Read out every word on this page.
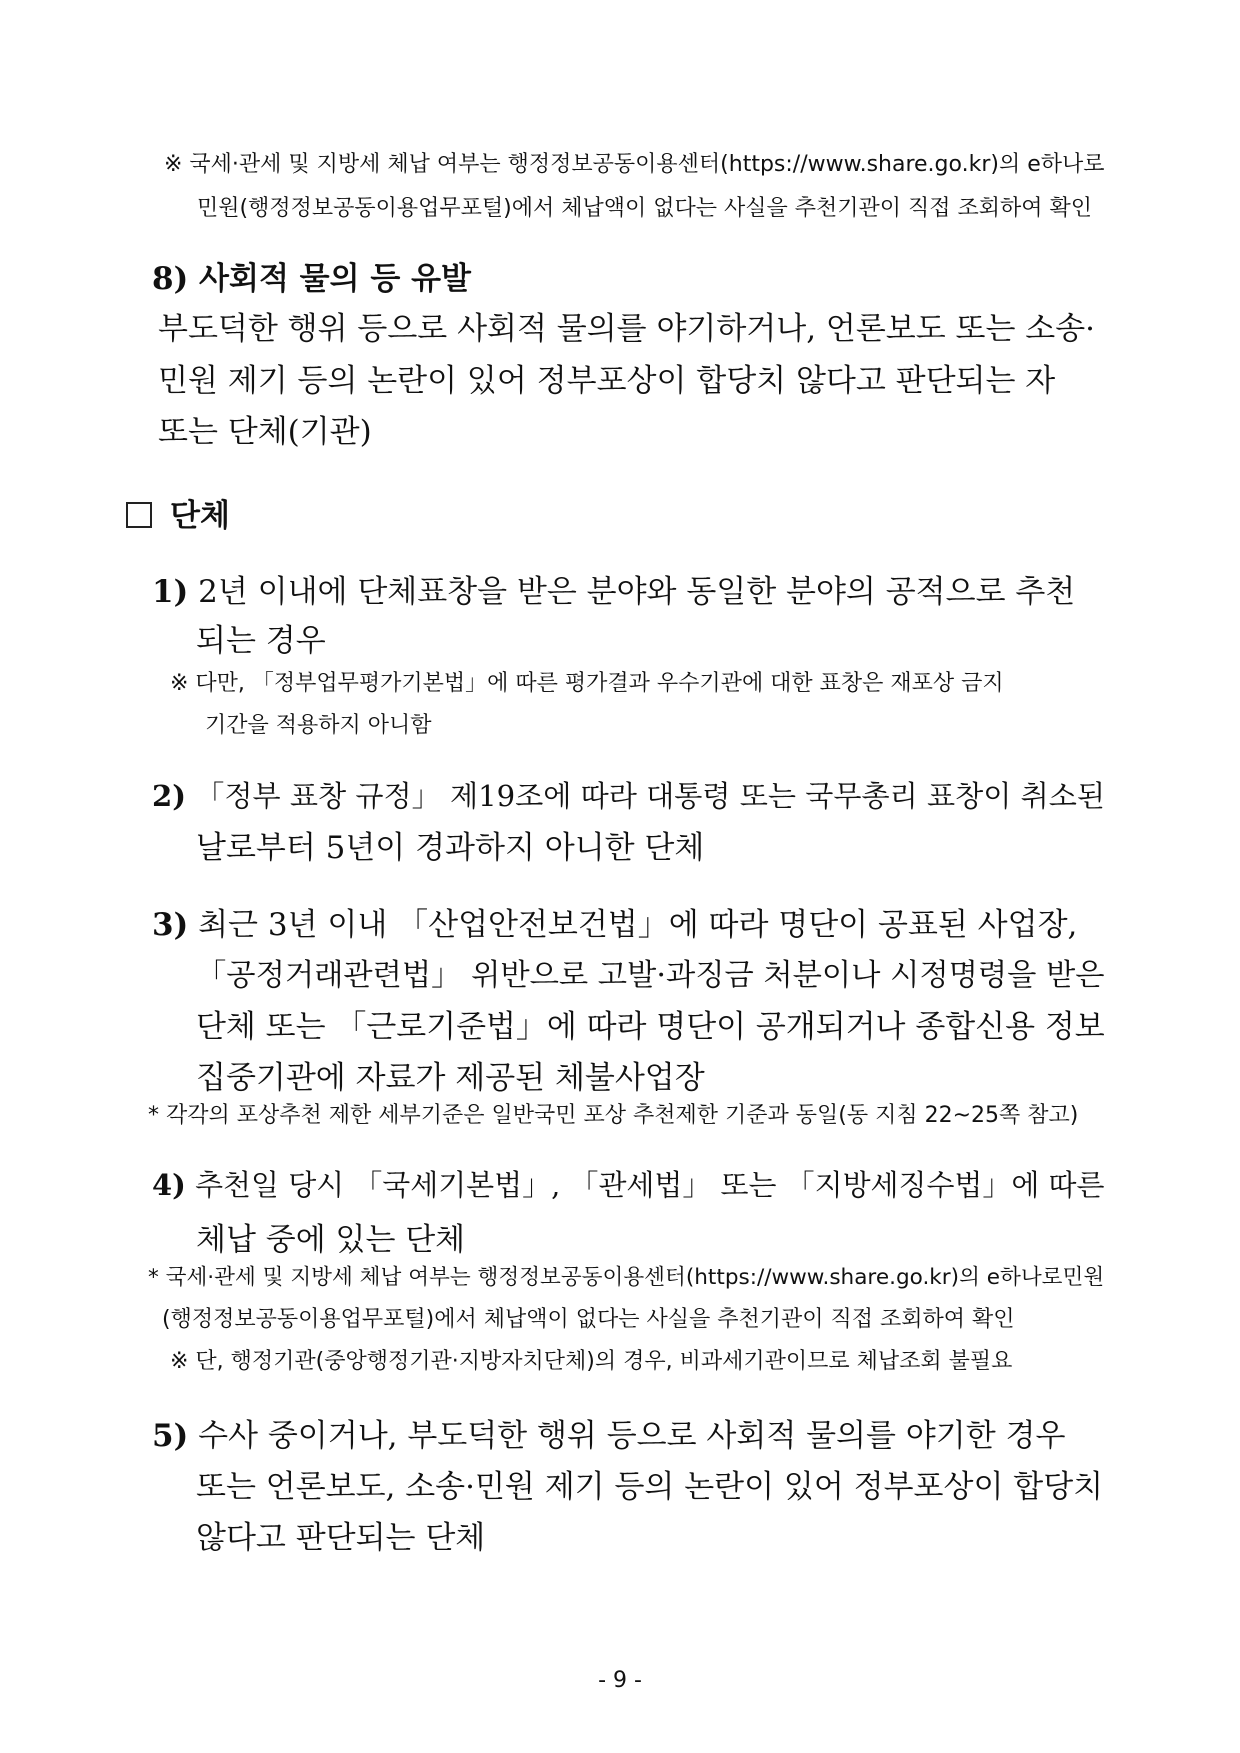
※ 국세·관세 및 지방세 체납 여부는 행정정보공동이용센터(https://www.share.go.kr)의 e하나로
민원(행정정보공동이용업무포털)에서 체납액이 없다는 사실을 추천기관이 직접 조회하여 확인
8) 사회적 물의 등 유발
부도덕한 행위 등으로 사회적 물의를 야기하거나, 언론보도 또는 소송·
민원 제기 등의 논란이 있어 정부포상이 합당치 않다고 판단되는 자
또는 단체(기관)
단체
1) 2년 이내에 단체표창을 받은 분야와 동일한 분야의 공적으로 추천
되는 경우
※ 다만, 「정부업무평가기본법」에 따른 평가결과 우수기관에 대한 표창은 재포상 금지
기간을 적용하지 아니함
2) 「정부 표창 규정」 제19조에 따라 대통령 또는 국무총리 표창이 취소된
날로부터 5년이 경과하지 아니한 단체
3) 최근 3년 이내 「산업안전보건법」에 따라 명단이 공표된 사업장,
「공정거래관련법」 위반으로 고발·과징금 처분이나 시정명령을 받은
단체 또는 「근로기준법」에 따라 명단이 공개되거나 종합신용 정보
집중기관에 자료가 제공된 체불사업장
* 각각의 포상추천 제한 세부기준은 일반국민 포상 추천제한 기준과 동일(동 지침 22~25쪽 참고)
4) 추천일 당시 「국세기본법」, 「관세법」 또는 「지방세징수법」에 따른
체납 중에 있는 단체
* 국세·관세 및 지방세 체납 여부는 행정정보공동이용센터(https://www.share.go.kr)의 e하나로민원
(행정정보공동이용업무포털)에서 체납액이 없다는 사실을 추천기관이 직접 조회하여 확인
※ 단, 행정기관(중앙행정기관·지방자치단체)의 경우, 비과세기관이므로 체납조회 불필요
5) 수사 중이거나, 부도덕한 행위 등으로 사회적 물의를 야기한 경우
또는 언론보도, 소송·민원 제기 등의 논란이 있어 정부포상이 합당치
않다고 판단되는 단체
- 9 -
